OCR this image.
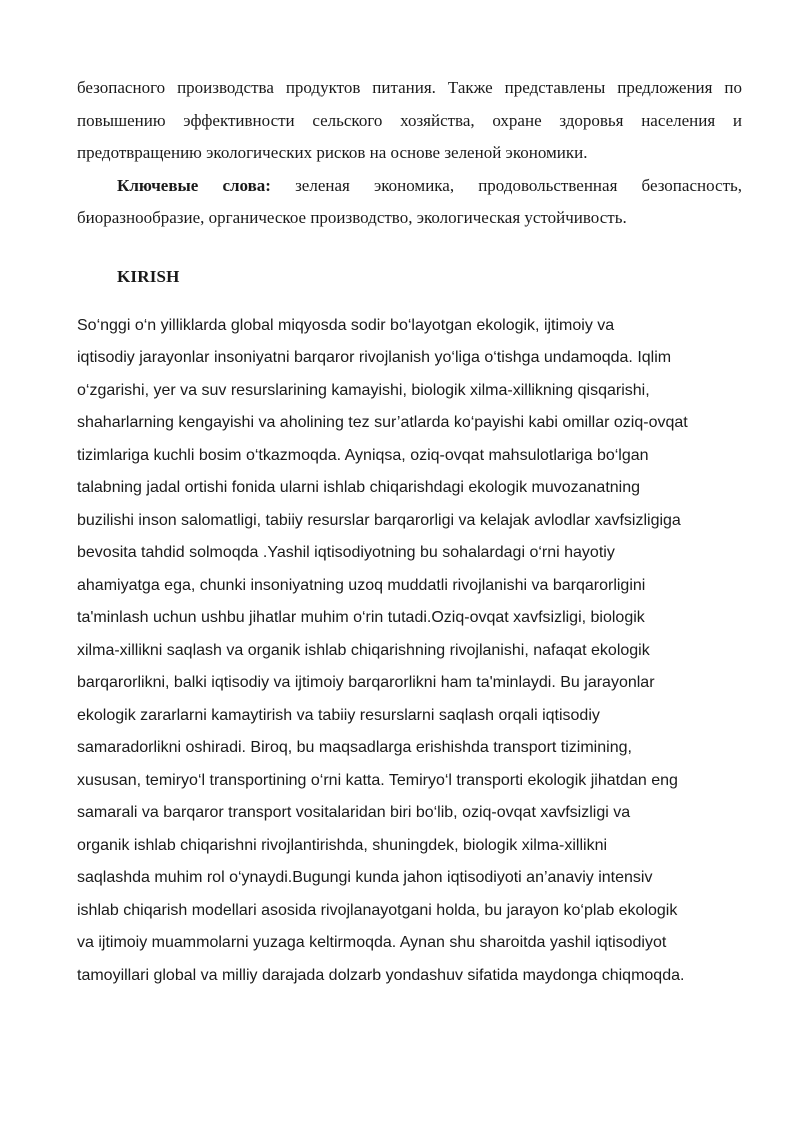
безопасного производства продуктов питания. Также представлены предложения по повышению эффективности сельского хозяйства, охране здоровья населения и предотвращению экологических рисков на основе зеленой экономики.

Ключевые слова: зеленая экономика, продовольственная безопасность, биоразнообразие, органическое производство, экологическая устойчивость.

KIRISH

So‘nggi o‘n yilliklarda global miqyosda sodir bo‘layotgan ekologik, ijtimoiy va

iqtisodiy jarayonlar insoniyatni barqaror rivojlanish yo‘liga o‘tishga undamoqda. Iqlim

o‘zgarishi, yer va suv resurslarining kamayishi, biologik xilma-xillikning qisqarishi,

shaharlarning kengayishi va aholining tez sur’atlarda ko‘payishi kabi omillar oziq-ovqat

tizimlariga kuchli bosim o‘tkazmoqda. Ayniqsa, oziq-ovqat mahsulotlariga bo‘lgan

talabning jadal ortishi fonida ularni ishlab chiqarishdagi ekologik muvozanatning

buzilishi inson salomatligi, tabiiy resurslar barqarorligi va kelajak avlodlar xavfsizligiga

bevosita tahdid solmoqda .Yashil iqtisodiyotning bu sohalardagi o‘rni hayotiy

ahamiyatga ega, chunki insoniyatning uzoq muddatli rivojlanishi va barqarorligini

ta'minlash uchun ushbu jihatlar muhim o‘rin tutadi.Oziq-ovqat xavfsizligi, biologik

xilma-xillikni saqlash va organik ishlab chiqarishning rivojlanishi, nafaqat ekologik

barqarorlikni, balki iqtisodiy va ijtimoiy barqarorlikni ham ta'minlaydi. Bu jarayonlar

ekologik zararlarni kamaytirish va tabiiy resurslarni saqlash orqali iqtisodiy

samaradorlikni oshiradi. Biroq, bu maqsadlarga erishishda transport tizimining,

xususan, temiryo‘l transportining o‘rni katta. Temiryo‘l transporti ekologik jihatdan eng

samarali va barqaror transport vositalaridan biri bo‘lib, oziq-ovqat xavfsizligi va

organik ishlab chiqarishni rivojlantirishda, shuningdek, biologik xilma-xillikni

saqlashda muhim rol o‘ynaydi.Bugungi kunda jahon iqtisodiyoti an’anaviy intensiv

ishlab chiqarish modellari asosida rivojlanayotgani holda, bu jarayon ko‘plab ekologik

va ijtimoiy muammolarni yuzaga keltirmoqda. Aynan shu sharoitda yashil iqtisodiyot

tamoyillari global va milliy darajada dolzarb yondashuv sifatida maydonga chiqmoqda.
